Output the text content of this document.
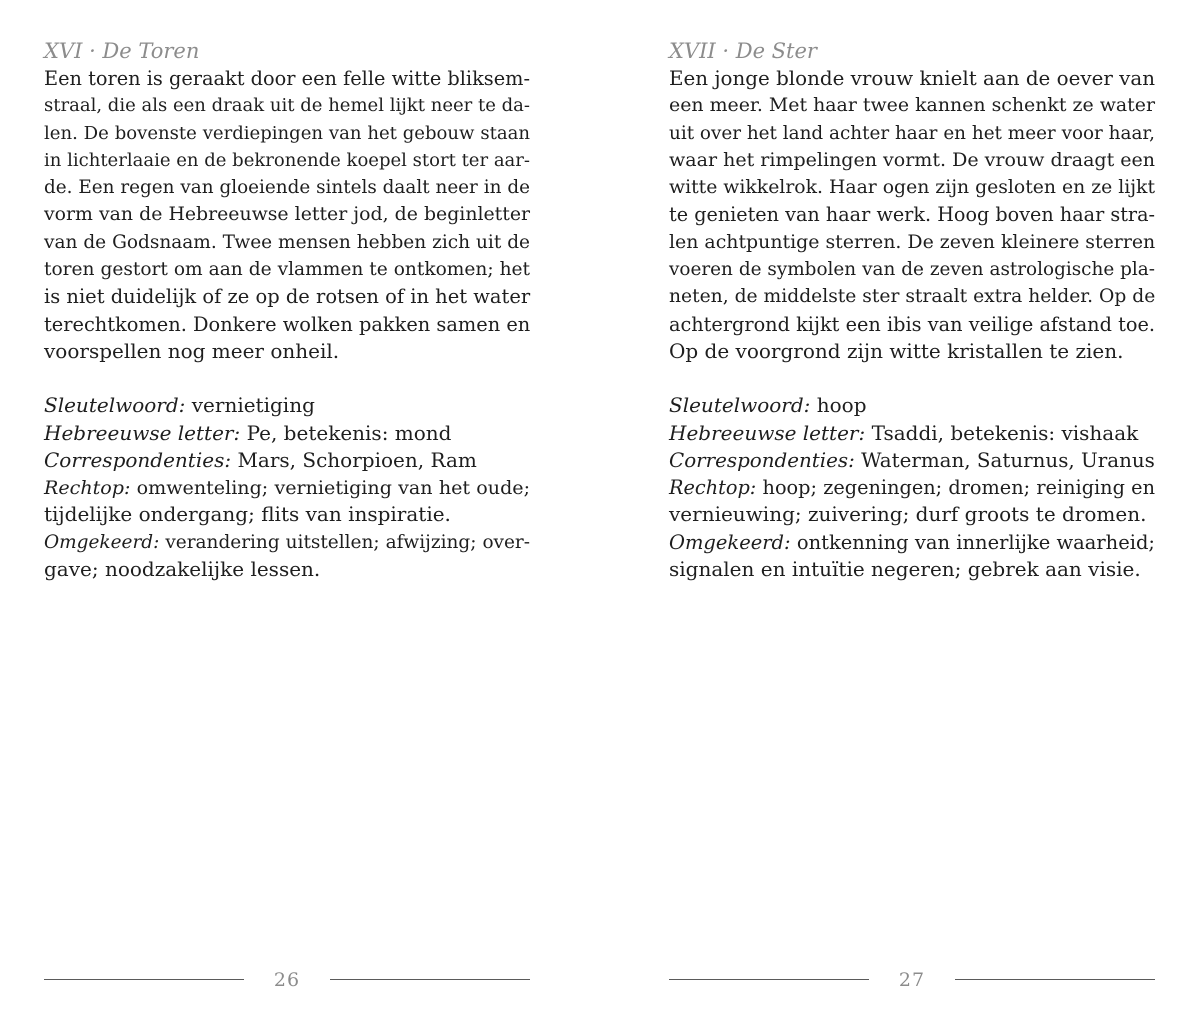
XVI · De Toren
Een toren is geraakt door een felle witte bliksem-
straal, die als een draak uit de hemel lijkt neer te da-
len. De bovenste verdiepingen van het gebouw staan
in lichterlaaie en de bekronende koepel stort ter aar-
de. Een regen van gloeiende sintels daalt neer in de
vorm van de Hebreeuwse letter jod, de beginletter
van de Godsnaam. Twee mensen hebben zich uit de
toren gestort om aan de vlammen te ontkomen; het
is niet duidelijk of ze op de rotsen of in het water
terechtkomen. Donkere wolken pakken samen en
voorspellen nog meer onheil.
Sleutelwoord: vernietiging
Hebreeuwse letter: Pe, betekenis: mond
Correspondenties: Mars, Schorpioen, Ram
Rechtop: omwenteling; vernietiging van het oude;
tijdelijke ondergang; flits van inspiratie.
Omgekeerd: verandering uitstellen; afwijzing; over-
gave; noodzakelijke lessen.
26
XVII · De Ster
Een jonge blonde vrouw knielt aan de oever van
een meer. Met haar twee kannen schenkt ze water
uit over het land achter haar en het meer voor haar,
waar het rimpelingen vormt. De vrouw draagt een
witte wikkelrok. Haar ogen zijn gesloten en ze lijkt
te genieten van haar werk. Hoog boven haar stra-
len achtpuntige sterren. De zeven kleinere sterren
voeren de symbolen van de zeven astrologische pla-
neten, de middelste ster straalt extra helder. Op de
achtergrond kijkt een ibis van veilige afstand toe.
Op de voorgrond zijn witte kristallen te zien.
Sleutelwoord: hoop
Hebreeuwse letter: Tsaddi, betekenis: vishaak
Correspondenties: Waterman, Saturnus, Uranus
Rechtop: hoop; zegeningen; dromen; reiniging en
vernieuwing; zuivering; durf groots te dromen.
Omgekeerd: ontkenning van innerlijke waarheid;
signalen en intuïtie negeren; gebrek aan visie.
27
